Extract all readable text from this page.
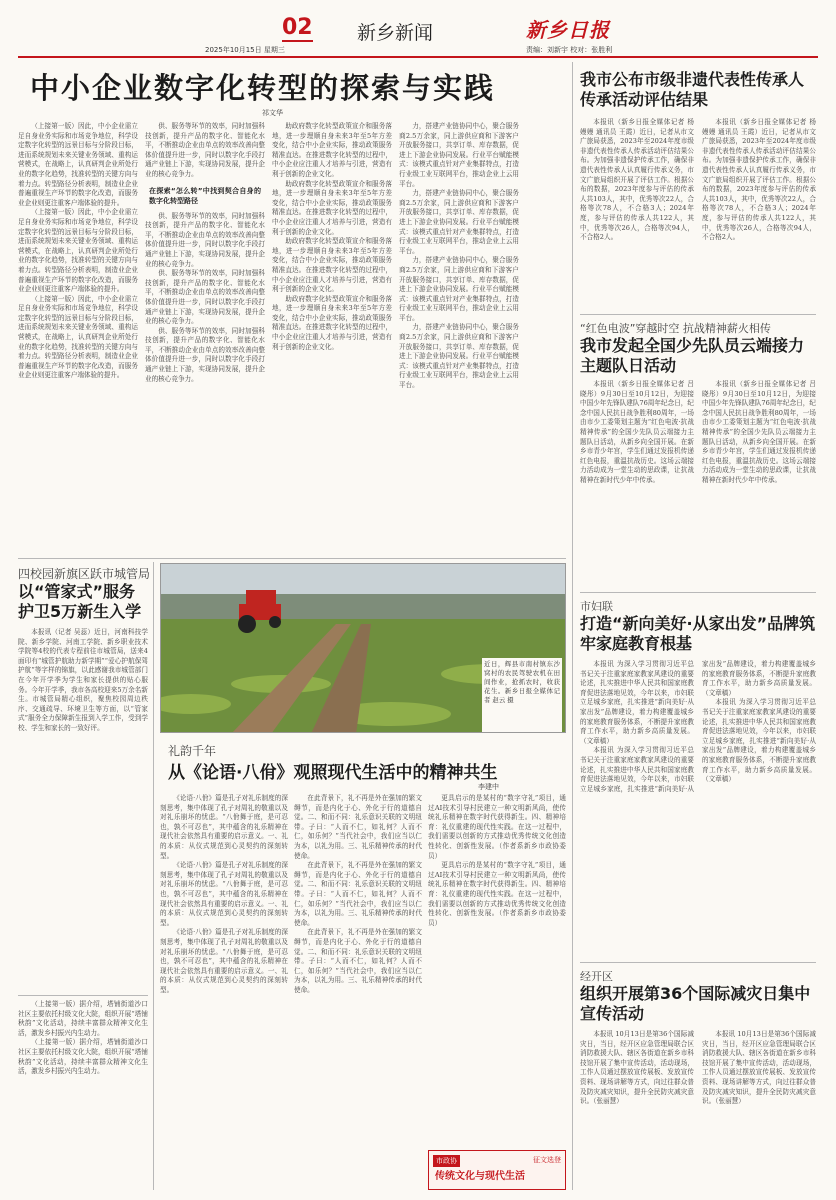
02 新乡新闻
2025年10月15日 星期三
新乡日报
责编：刘新宇 校对：张胜利
中小企业数字化转型的探索与实践
祁文华

（上接第一版）因此，中小企业需立足自身业务实际和市场竞争地位，科学设定数字化转型的远景目标与分阶段目标，进而系统规划未来关键业务领域、重构运营模式，在战略上，认真研判企业所处行业的数字化趋势，找准转型的关键方向与着力点。转型路径分析表明，制造业企业普遍重视生产环节的数字化改造，而服务业企业则更注重客户端体验的提升。

（上接第一版）因此，中小企业需立足自身业务实际和市场竞争地位，科学设定数字化转型的远景目标与分阶段目标，进而系统规划未来关键业务领域、重构运营模式，在战略上，认真研判企业所处行业的数字化趋势，找准转型的关键方向与着力点。转型路径分析表明，制造业企业普遍重视生产环节的数字化改造，而服务业企业则更注重客户端体验的提升。

（上接第一版）因此，中小企业需立足自身业务实际和市场竞争地位，科学设定数字化转型的远景目标与分阶段目标，进而系统规划未来关键业务领域、重构运营模式，在战略上，认真研判企业所处行业的数字化趋势，找准转型的关键方向与着力点。转型路径分析表明，制造业企业普遍重视生产环节的数字化改造，而服务业企业则更注重客户端体验的提升。

供、服务等环节的效率，同时加强科技创新，提升产品的数字化、智能化水平，不断推动企业由单点的效率改善向整体价值提升进一步，同时以数字化手段打通产业链上下游，实现协同发展，提升企业的核心竞争力。

在探索“怎么转”中找到契合自身的数字化转型路径

供、服务等环节的效率，同时加强科技创新，提升产品的数字化、智能化水平，不断推动企业由单点的效率改善向整体价值提升进一步，同时以数字化手段打通产业链上下游，实现协同发展，提升企业的核心竞争力。

供、服务等环节的效率，同时加强科技创新，提升产品的数字化、智能化水平，不断推动企业由单点的效率改善向整体价值提升进一步，同时以数字化手段打通产业链上下游，实现协同发展，提升企业的核心竞争力。

供、服务等环节的效率，同时加强科技创新，提升产品的数字化、智能化水平，不断推动企业由单点的效率改善向整体价值提升进一步，同时以数字化手段打通产业链上下游，实现协同发展，提升企业的核心竞争力。

助政府数字化转型政策宣介和服务落地，进一步理顺自身未来3年至5年方差变化，结合中小企业实际，推动政策服务精准直达。在推进数字化转型的过程中，中小企业应注重人才培养与引进，营造有利于创新的企业文化。

助政府数字化转型政策宣介和服务落地，进一步理顺自身未来3年至5年方差变化，结合中小企业实际，推动政策服务精准直达。在推进数字化转型的过程中，中小企业应注重人才培养与引进，营造有利于创新的企业文化。

助政府数字化转型政策宣介和服务落地，进一步理顺自身未来3年至5年方差变化，结合中小企业实际，推动政策服务精准直达。在推进数字化转型的过程中，中小企业应注重人才培养与引进，营造有利于创新的企业文化。

助政府数字化转型政策宣介和服务落地，进一步理顺自身未来3年至5年方差变化，结合中小企业实际，推动政策服务精准直达。在推进数字化转型的过程中，中小企业应注重人才培养与引进，营造有利于创新的企业文化。

力，搭建产业链协同中心，聚合服务商2.5万余家，同上游供应商和下游客户开放服务接口，共享订单、库存数据，促进上下游企业协同发展。行业平台赋能模式：该模式重点针对产业集群特点，打造行业级工业互联网平台，推动企业上云用平台。

力，搭建产业链协同中心，聚合服务商2.5万余家，同上游供应商和下游客户开放服务接口，共享订单、库存数据，促进上下游企业协同发展。行业平台赋能模式：该模式重点针对产业集群特点，打造行业级工业互联网平台，推动企业上云用平台。

力，搭建产业链协同中心，聚合服务商2.5万余家，同上游供应商和下游客户开放服务接口，共享订单、库存数据，促进上下游企业协同发展。行业平台赋能模式：该模式重点针对产业集群特点，打造行业级工业互联网平台，推动企业上云用平台。

力，搭建产业链协同中心，聚合服务商2.5万余家，同上游供应商和下游客户开放服务接口，共享订单、库存数据，促进上下游企业协同发展。行业平台赋能模式：该模式重点针对产业集群特点，打造行业级工业互联网平台，推动企业上云用平台。

四校园新旗区跃市城管局
以“管家式”服务护卫5万新生入学

本报讯（记者 吴蕊）近日，河南科技学院、新乡学院、河南工学院、新乡职业技术学院等4校的代表专程前往市城管局，送来4面印有“城管护航助力新学期”“爱心护航保驾护航”等字样的锦旗，以此感谢我市城管部门在今年开学季为学生和家长提供的贴心服务。今年开学季，我市各高校迎来5万余名新生。市城管局精心组织，聚焦校园周边秩序、交通疏导、环境卫生等方面，以“管家式”服务全力保障新生报到入学工作，受到学校、学生和家长的一致好评。

（上接第一版）据介绍，塔铺街道沙口社区主要依托村级文化大院，组织开展“塔铺秋韵”文化活动，持续丰富群众精神文化生活，激发乡村振兴内生动力。

（上接第一版）据介绍，塔铺街道沙口社区主要依托村级文化大院，组织开展“塔铺秋韵”文化活动，持续丰富群众精神文化生活，激发乡村振兴内生动力。

近日，辉县市南村镇东沙窝村的农民驾驶农机在田间作业，抢抓农时，收获花生。新乡日报全媒体记者 赵云 摄
礼韵千年
从《论语·八佾》观照现代生活中的精神共生
李建中

《论语·八佾》篇是孔子对礼乐制度的深刻思考，集中体现了孔子对周礼的敬重以及对礼乐崩坏的忧虑。“八佾舞于庭，是可忍也，孰不可忍也”，其中蕴含的礼乐精神在现代社会依然具有重要的启示意义。一、礼的本质：从仪式规范到心灵契约的深刻转型。

《论语·八佾》篇是孔子对礼乐制度的深刻思考，集中体现了孔子对周礼的敬重以及对礼乐崩坏的忧虑。“八佾舞于庭，是可忍也，孰不可忍也”，其中蕴含的礼乐精神在现代社会依然具有重要的启示意义。一、礼的本质：从仪式规范到心灵契约的深刻转型。

《论语·八佾》篇是孔子对礼乐制度的深刻思考，集中体现了孔子对周礼的敬重以及对礼乐崩坏的忧虑。“八佾舞于庭，是可忍也，孰不可忍也”，其中蕴含的礼乐精神在现代社会依然具有重要的启示意义。一、礼的本质：从仪式规范到心灵契约的深刻转型。

在此背景下，礼不再是外在强加的繁文缛节，而是内化于心、外化于行的道德自觉。二、和而不同：礼乐意识关联的文明纽带。子曰：“人而不仁，如礼何？人而不仁，如乐何？”当代社会中，我们应当以仁为本，以礼为用。三、礼乐精神传承的时代使命。

在此背景下，礼不再是外在强加的繁文缛节，而是内化于心、外化于行的道德自觉。二、和而不同：礼乐意识关联的文明纽带。子曰：“人而不仁，如礼何？人而不仁，如乐何？”当代社会中，我们应当以仁为本，以礼为用。三、礼乐精神传承的时代使命。

在此背景下，礼不再是外在强加的繁文缛节，而是内化于心、外化于行的道德自觉。二、和而不同：礼乐意识关联的文明纽带。子曰：“人而不仁，如礼何？人而不仁，如乐何？”当代社会中，我们应当以仁为本，以礼为用。三、礼乐精神传承的时代使命。

更具启示的是某村的“数字守礼”项目，通过AI技术引导村民建立一种文明新风尚，使传统礼乐精神在数字时代获得新生。四、精神培育：礼仪重建的现代性实践。在这一过程中，我们需要以创新的方式推动优秀传统文化创造性转化、创新性发展。（作者系新乡市政协委员）

更具启示的是某村的“数字守礼”项目，通过AI技术引导村民建立一种文明新风尚，使传统礼乐精神在数字时代获得新生。四、精神培育：礼仪重建的现代性实践。在这一过程中，我们需要以创新的方式推动优秀传统文化创造性转化、创新性发展。（作者系新乡市政协委员）

市政协
传统文化与现代生活
征文选登
我市公布市级非遗代表性传承人传承活动评估结果

本报讯（新乡日报全媒体记者 杨嫚嫚 通讯员 王霞）近日，记者从市文广旅局获悉，2023年至2024年度市级非遗代表性传承人传承活动评估结果公布。为加强非遗保护传承工作，确保非遗代表性传承人认真履行传承义务，市文广旅局组织开展了评估工作。根据公布的数据，2023年度参与评估的传承人共103人，其中，优秀等次22人，合格等次78人，不合格3人；2024年度，参与评估的传承人共122人，其中，优秀等次26人，合格等次94人，不合格2人。

本报讯（新乡日报全媒体记者 杨嫚嫚 通讯员 王霞）近日，记者从市文广旅局获悉，2023年至2024年度市级非遗代表性传承人传承活动评估结果公布。为加强非遗保护传承工作，确保非遗代表性传承人认真履行传承义务，市文广旅局组织开展了评估工作。根据公布的数据，2023年度参与评估的传承人共103人，其中，优秀等次22人，合格等次78人，不合格3人；2024年度，参与评估的传承人共122人，其中，优秀等次26人，合格等次94人，不合格2人。

“红色电波”穿越时空 抗战精神薪火相传
我市发起全国少先队员云端接力主题队日活动

本报讯（新乡日报全媒体记者 吕晓彤）9月30日至10月12日，为迎接中国少年先锋队建队76周年纪念日，纪念中国人民抗日战争胜利80周年，一场由市少工委策划主题为“红色电波·抗战精神传承”的全国少先队员云端接力主题队日活动，从新乡向全国开展。在新乡市青少年宫，学生们通过发报机传递红色电报，重温抗战历史。这场云端接力活动成为一堂生动的思政课，让抗战精神在新时代少年中传承。

本报讯（新乡日报全媒体记者 吕晓彤）9月30日至10月12日，为迎接中国少年先锋队建队76周年纪念日，纪念中国人民抗日战争胜利80周年，一场由市少工委策划主题为“红色电波·抗战精神传承”的全国少先队员云端接力主题队日活动，从新乡向全国开展。在新乡市青少年宫，学生们通过发报机传递红色电报，重温抗战历史。这场云端接力活动成为一堂生动的思政课，让抗战精神在新时代少年中传承。

市妇联
打造“新向美好·从家出发”品牌筑牢家庭教育根基

本报讯 为深入学习贯彻习近平总书记关于注重家庭家教家风建设的重要论述，扎实推进中华人民共和国家庭教育促进法落地见效，今年以来，市妇联立足城乡家庭，扎实推进“新向美好·从家出发”品牌建设，着力构建覆盖城乡的家庭教育服务体系，不断提升家庭教育工作水平，助力新乡高质量发展。（文章稿）

本报讯 为深入学习贯彻习近平总书记关于注重家庭家教家风建设的重要论述，扎实推进中华人民共和国家庭教育促进法落地见效，今年以来，市妇联立足城乡家庭，扎实推进“新向美好·从家出发”品牌建设，着力构建覆盖城乡的家庭教育服务体系，不断提升家庭教育工作水平，助力新乡高质量发展。（文章稿）

本报讯 为深入学习贯彻习近平总书记关于注重家庭家教家风建设的重要论述，扎实推进中华人民共和国家庭教育促进法落地见效，今年以来，市妇联立足城乡家庭，扎实推进“新向美好·从家出发”品牌建设，着力构建覆盖城乡的家庭教育服务体系，不断提升家庭教育工作水平，助力新乡高质量发展。（文章稿）

经开区
组织开展第36个国际减灾日集中宣传活动

本报讯 10月13日是第36个国际减灾日，当日，经开区应急管理局联合区消防救援大队、辖区各街道在新乡市科技馆开展了集中宣传活动，活动现场，工作人员通过摆放宣传展板、发放宣传资料、现场讲解等方式，向过往群众普及防灾减灾知识，提升全民防灾减灾意识。（张丽慧）

本报讯 10月13日是第36个国际减灾日，当日，经开区应急管理局联合区消防救援大队、辖区各街道在新乡市科技馆开展了集中宣传活动，活动现场，工作人员通过摆放宣传展板、发放宣传资料、现场讲解等方式，向过往群众普及防灾减灾知识，提升全民防灾减灾意识。（张丽慧）
